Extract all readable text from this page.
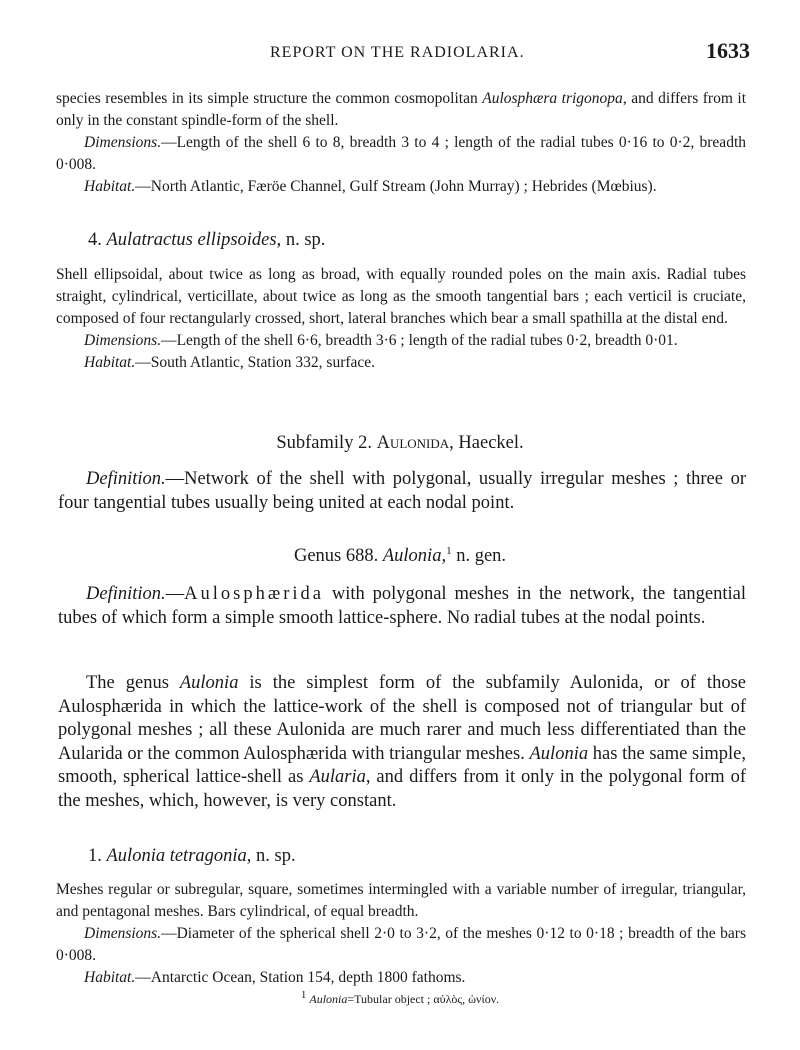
REPORT ON THE RADIOLARIA.	1633

species resembles in its simple structure the common cosmopolitan Aulosphæra trigonopa, and differs from it only in the constant spindle-form of the shell.

Dimensions.—Length of the shell 6 to 8, breadth 3 to 4 ; length of the radial tubes 0·16 to 0·2, breadth 0·008.

Habitat.—North Atlantic, Færöe Channel, Gulf Stream (John Murray) ; Hebrides (Mœbius).

4. Aulatractus ellipsoides, n. sp.

Shell ellipsoidal, about twice as long as broad, with equally rounded poles on the main axis. Radial tubes straight, cylindrical, verticillate, about twice as long as the smooth tangential bars ; each verticil is cruciate, composed of four rectangularly crossed, short, lateral branches which bear a small spathilla at the distal end.

Dimensions.—Length of the shell 6·6, breadth 3·6 ; length of the radial tubes 0·2, breadth 0·01.

Habitat.—South Atlantic, Station 332, surface.

Subfamily 2. Aulonida, Haeckel.
Definition.—Network of the shell with polygonal, usually irregular meshes ; three or four tangential tubes usually being united at each nodal point.
Genus 688. Aulonia,$^1$ n. gen.
Definition.—Aulosphærida with polygonal meshes in the network, the tangential tubes of which form a simple smooth lattice-sphere. No radial tubes at the nodal points.
The genus Aulonia is the simplest form of the subfamily Aulonida, or of those Aulosphærida in which the lattice-work of the shell is composed not of triangular but of polygonal meshes ; all these Aulonida are much rarer and much less differentiated than the Aularida or the common Aulosphærida with triangular meshes. Aulonia has the same simple, smooth, spherical lattice-shell as Aularia, and differs from it only in the polygonal form of the meshes, which, however, is very constant.
1. Aulonia tetragonia, n. sp.

Meshes regular or subregular, square, sometimes intermingled with a variable number of irregular, triangular, and pentagonal meshes. Bars cylindrical, of equal breadth.

Dimensions.—Diameter of the spherical shell 2·0 to 3·2, of the meshes 0·12 to 0·18 ; breadth of the bars 0·008.

Habitat.—Antarctic Ocean, Station 154, depth 1800 fathoms.

$^1$ Aulonia=Tubular object ; αὐλὸς, ὠνίον.
